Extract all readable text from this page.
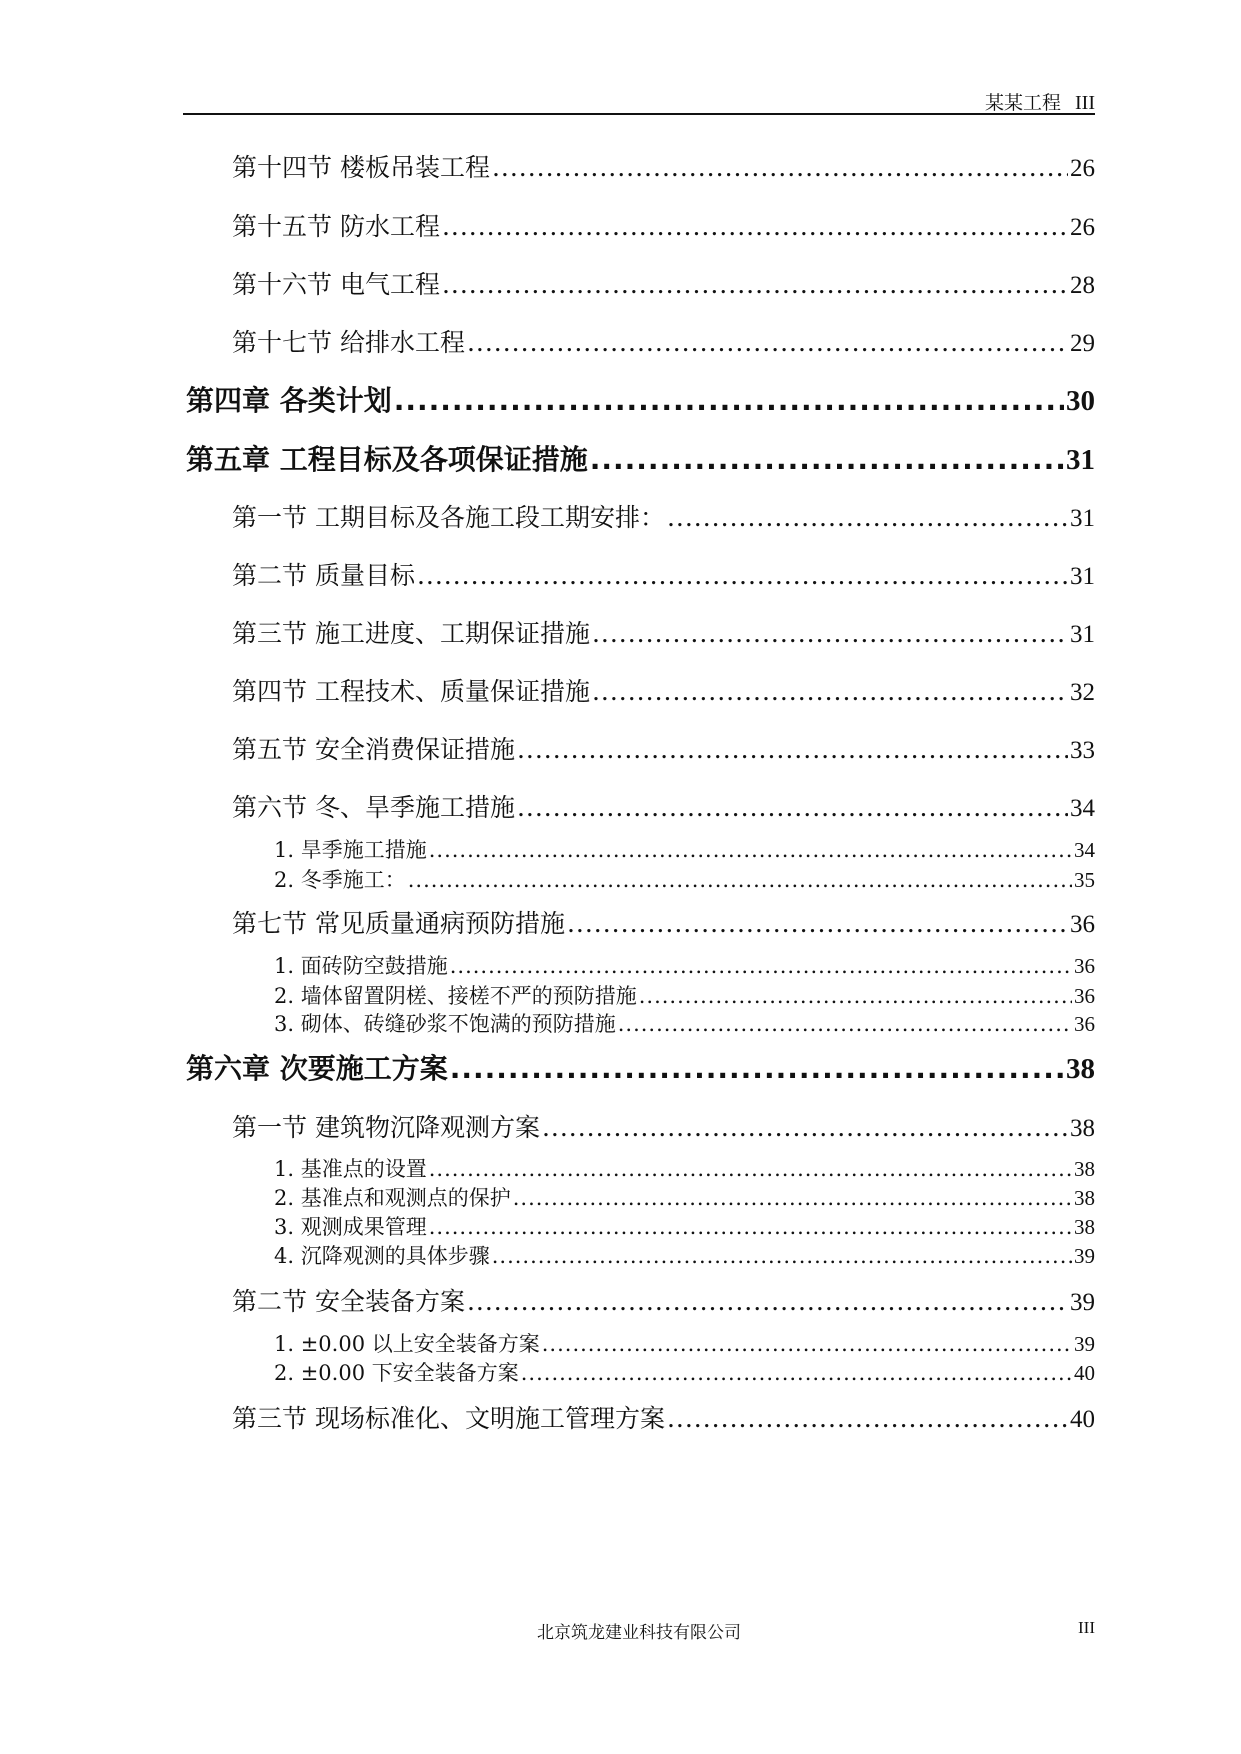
某某工程 III
第十四节 楼板吊装工程 .....	26
第十五节 防水工程 .....	26
第十六节 电气工程 .....	28
第十七节 给排水工程 .....	29
第四章 各类计划 .....	30
第五章 工程目标及各项保证措施 .....	31
第一节 工期目标及各施工段工期安排： .....	31
第二节 质量目标 .....	31
第三节 施工进度、工期保证措施 .....	31
第四节 工程技术、质量保证措施 .....	32
第五节 安全消费保证措施 .....	33
第六节 冬、旱季施工措施 .....	34
1. 旱季施工措施 .....	34
2. 冬季施工： .....	35
第七节 常见质量通病预防措施 .....	36
1. 面砖防空鼓措施 .....	36
2. 墙体留置阴槎、接槎不严的预防措施 .....	36
3. 砌体、砖缝砂浆不饱满的预防措施 .....	36
第六章 次要施工方案 .....	38
第一节 建筑物沉降观测方案 .....	38
1. 基准点的设置 .....	38
2. 基准点和观测点的保护 .....	38
3. 观测成果管理 .....	38
4. 沉降观测的具体步骤 .....	39
第二节 安全装备方案 .....	39
1. ±0.00 以上安全装备方案 .....	39
2. ±0.00 下安全装备方案 .....	40
第三节 现场标准化、文明施工管理方案 .....	40
北京筑龙建业科技有限公司	III
